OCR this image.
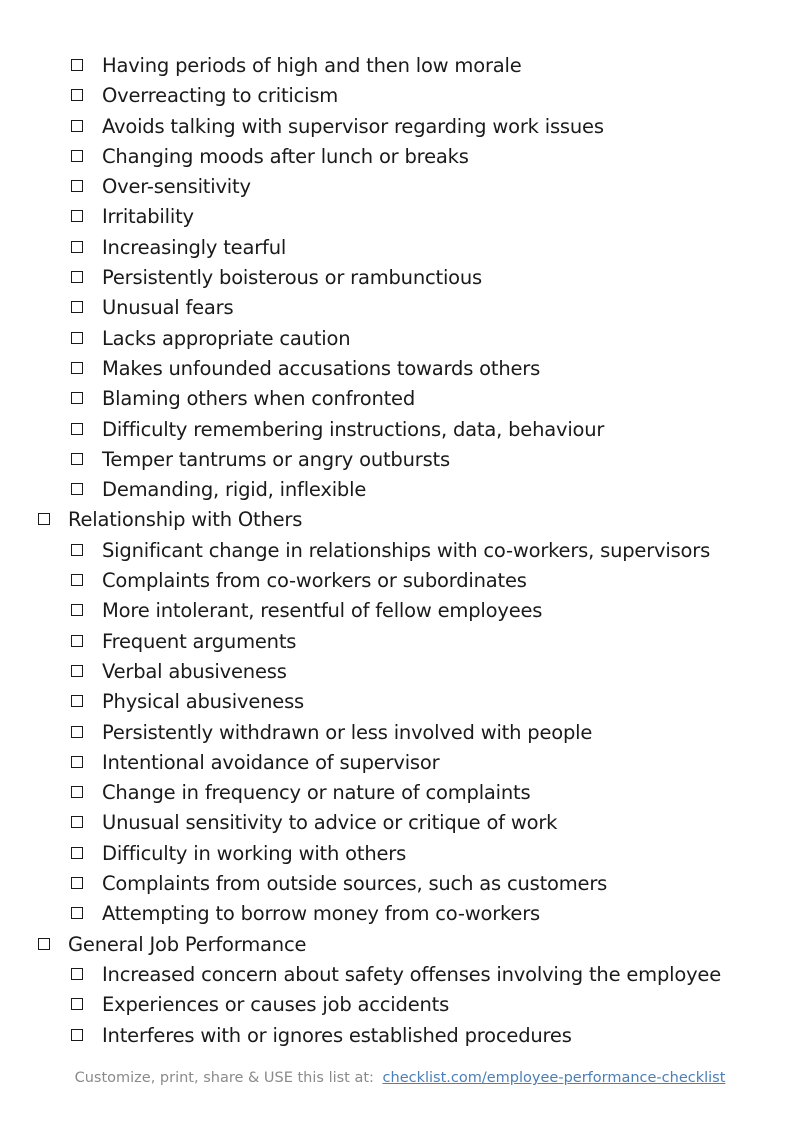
Having periods of high and then low morale
Overreacting to criticism
Avoids talking with supervisor regarding work issues
Changing moods after lunch or breaks
Over-sensitivity
Irritability
Increasingly tearful
Persistently boisterous or rambunctious
Unusual fears
Lacks appropriate caution
Makes unfounded accusations towards others
Blaming others when confronted
Difficulty remembering instructions, data, behaviour
Temper tantrums or angry outbursts
Demanding, rigid, inflexible
Relationship with Others
Significant change in relationships with co-workers, supervisors
Complaints from co-workers or subordinates
More intolerant, resentful of fellow employees
Frequent arguments
Verbal abusiveness
Physical abusiveness
Persistently withdrawn or less involved with people
Intentional avoidance of supervisor
Change in frequency or nature of complaints
Unusual sensitivity to advice or critique of work
Difficulty in working with others
Complaints from outside sources, such as customers
Attempting to borrow money from co-workers
General Job Performance
Increased concern about safety offenses involving the employee
Experiences or causes job accidents
Interferes with or ignores established procedures
Customize, print, share & USE this list at: checklist.com/employee-performance-checklist
